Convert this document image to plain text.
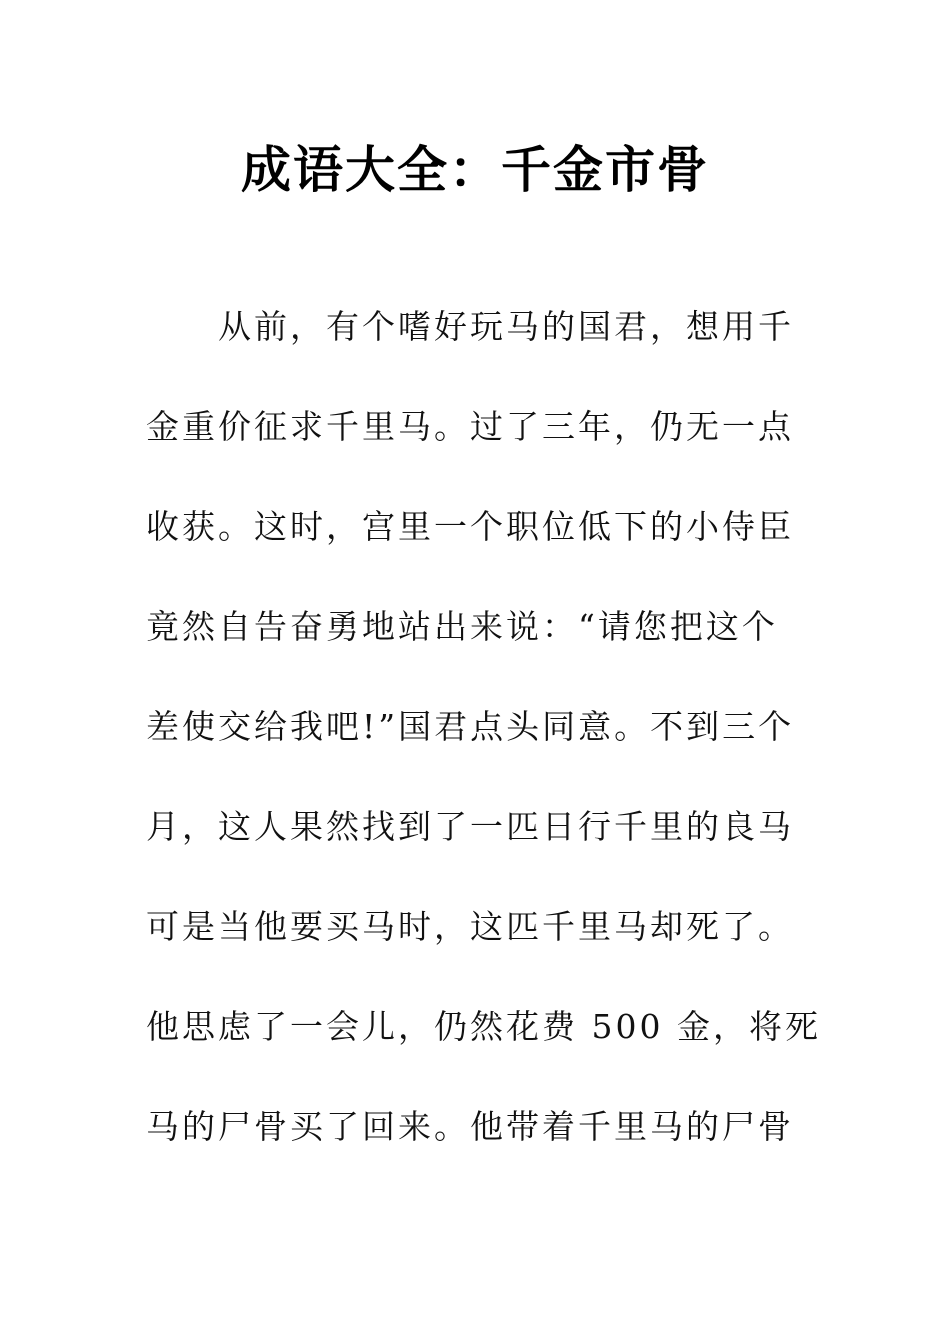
成语大全：千金市骨
从前，有个嗜好玩马的国君，想用千
金重价征求千里马。过了三年，仍无一点
收获。这时，宫里一个职位低下的小侍臣
竟然自告奋勇地站出来说：“请您把这个
差使交给我吧!”国君点头同意。不到三个
月，这人果然找到了一匹日行千里的良马
可是当他要买马时，这匹千里马却死了。
他思虑了一会儿，仍然花费 500 金，将死
马的尸骨买了回来。他带着千里马的尸骨
